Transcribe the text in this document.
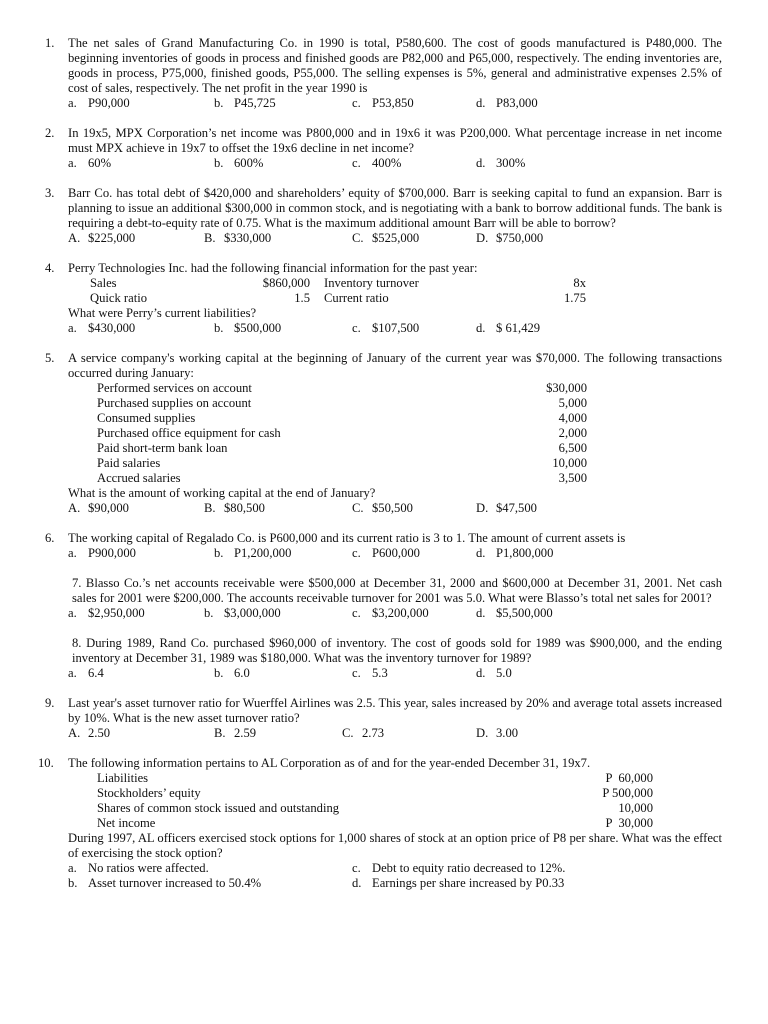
1. The net sales of Grand Manufacturing Co. in 1990 is total, P580,600. The cost of goods manufactured is P480,000. The beginning inventories of goods in process and finished goods are P82,000 and P65,000, respectively. The ending inventories are, goods in process, P75,000, finished goods, P55,000. The selling expenses is 5%, general and administrative expenses 2.5% of cost of sales, respectively. The net profit in the year 1990 is
a. P90,000	b. P45,725	c. P53,850	d. P83,000
2. In 19x5, MPX Corporation’s net income was P800,000 and in 19x6 it was P200,000. What percentage increase in net income must MPX achieve in 19x7 to offset the 19x6 decline in net income?
a. 60%	b. 600%	c. 400%	d. 300%
3. Barr Co. has total debt of $420,000 and shareholders’ equity of $700,000. Barr is seeking capital to fund an expansion. Barr is planning to issue an additional $300,000 in common stock, and is negotiating with a bank to borrow additional funds. The bank is requiring a debt-to-equity rate of 0.75. What is the maximum additional amount Barr will be able to borrow?
A. $225,000	B. $330,000	C. $525,000	D. $750,000
4. Perry Technologies Inc. had the following financial information for the past year:
Sales	$860,000 Inventory turnover	8x
Quick ratio	1.5 Current ratio	1.75
What were Perry’s current liabilities?
a. $430,000	b. $500,000	c. $107,500	d. $ 61,429
5. A service company's working capital at the beginning of January of the current year was $70,000. The following transactions occurred during January:
Performed services on account	$30,000
Purchased supplies on account	5,000
Consumed supplies	4,000
Purchased office equipment for cash	2,000
Paid short-term bank loan	6,500
Paid salaries	10,000
Accrued salaries	3,500
What is the amount of working capital at the end of January?
A. $90,000	B. $80,500	C. $50,500	D. $47,500
6. The working capital of Regalado Co. is P600,000 and its current ratio is 3 to 1. The amount of current assets is
a. P900,000	b. P1,200,000	c. P600,000	d. P1,800,000
7. Blasso Co.’s net accounts receivable were $500,000 at December 31, 2000 and $600,000 at December 31, 2001. Net cash sales for 2001 were $200,000. The accounts receivable turnover for 2001 was 5.0. What were Blasso’s total net sales for 2001?
a. $2,950,000	b. $3,000,000	c. $3,200,000	d. $5,500,000
8. During 1989, Rand Co. purchased $960,000 of inventory. The cost of goods sold for 1989 was $900,000, and the ending inventory at December 31, 1989 was $180,000. What was the inventory turnover for 1989?
a. 6.4	b. 6.0	c. 5.3	d. 5.0
9. Last year's asset turnover ratio for Wuerffel Airlines was 2.5. This year, sales increased by 20% and average total assets increased by 10%. What is the new asset turnover ratio?
A. 2.50	B. 2.59	C. 2.73	D. 3.00
10. The following information pertains to AL Corporation as of and for the year-ended December 31, 19x7.
Liabilities	P  60,000
Stockholders’ equity	P 500,000
Shares of common stock issued and outstanding	10,000
Net income	P  30,000
During 1997, AL officers exercised stock options for 1,000 shares of stock at an option price of P8 per share. What was the effect of exercising the stock option?
a. No ratios were affected.	c. Debt to equity ratio decreased to 12%.
b. Asset turnover increased to 50.4%	d. Earnings per share increased by P0.33
